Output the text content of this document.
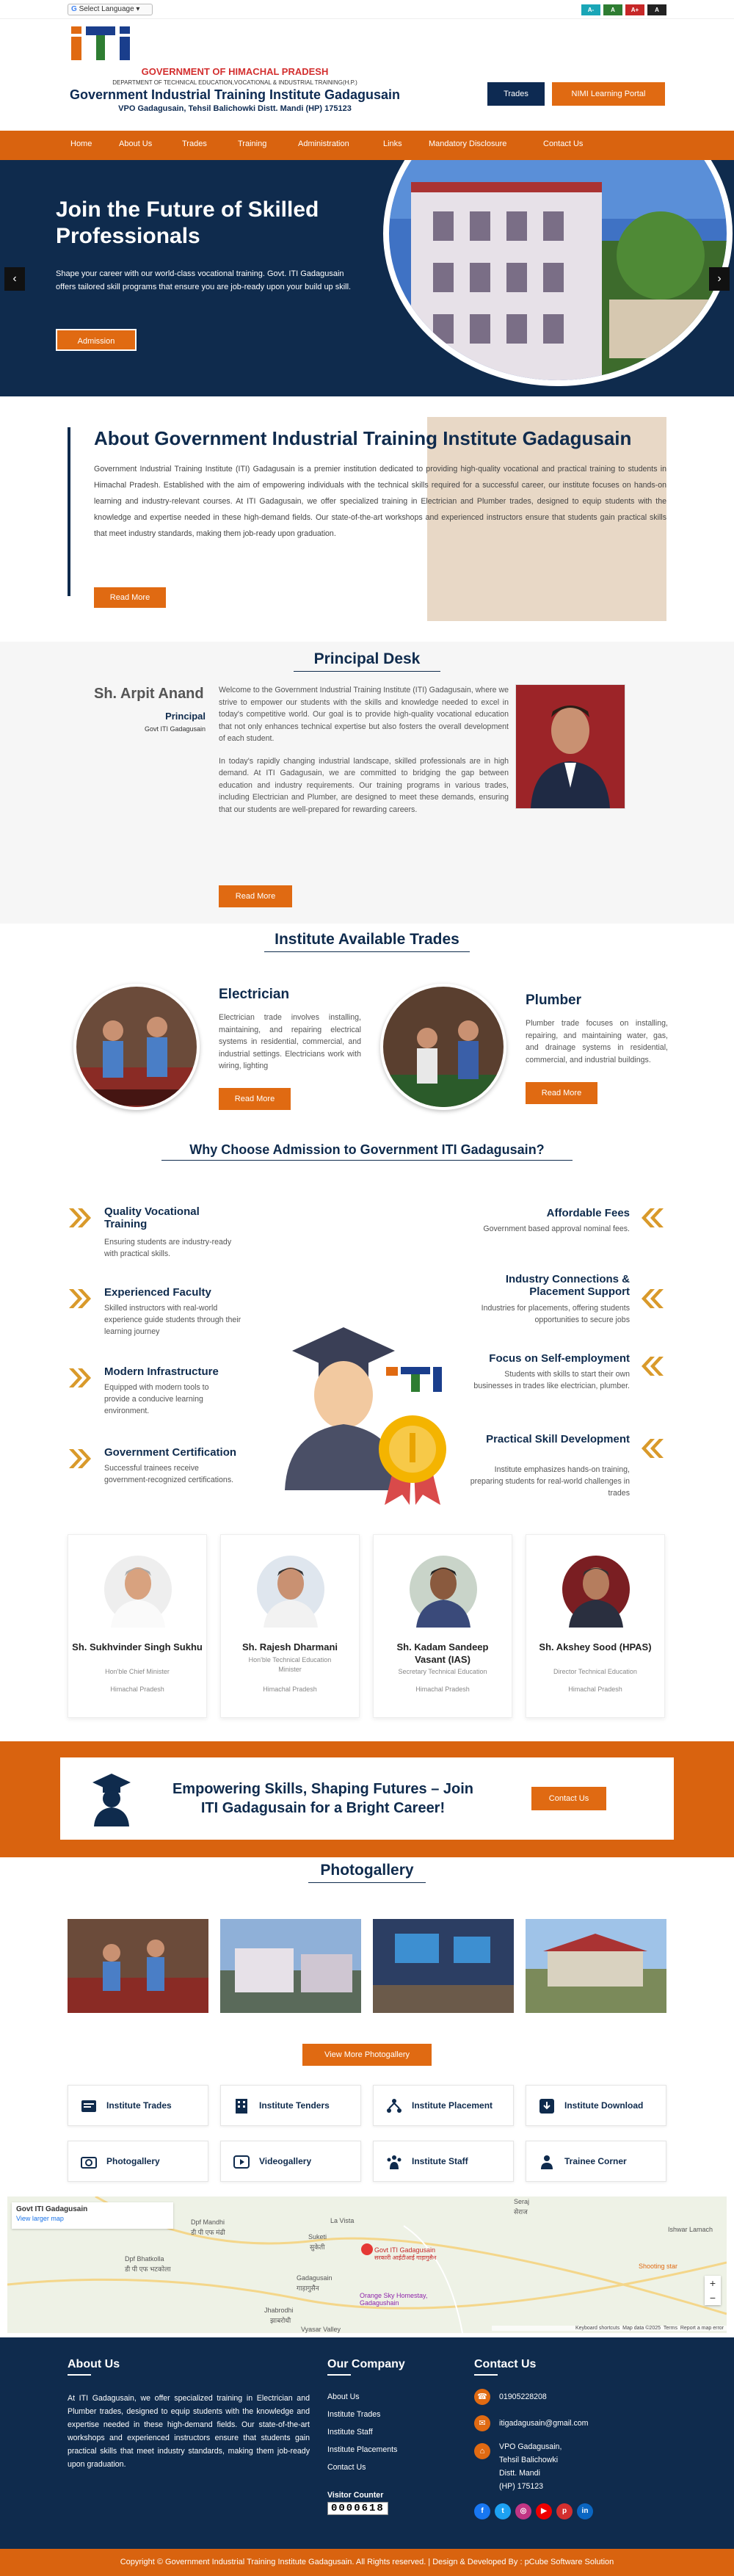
G Select Language ▾	A-	A	A+	A
GOVERNMENT OF HIMACHAL PRADESH
DEPARTMENT OF TECHNICAL EDUCATION,VOCATIONAL & INDUSTRIAL TRAINING(H.P.)
Government Industrial Training Institute Gadagusain
VPO Gadagusain, Tehsil Balichowki Distt. Mandi (HP) 175123
Trades	NIMI Learning Portal
Home	About Us	Trades	Training	Administration	Links	Mandatory Disclosure	Contact Us
Join the Future of Skilled Professionals
Shape your career with our world-class vocational training. Govt. ITI Gadagusain offers tailored skill programs that ensure you are job-ready upon your build up skill.
Admission
‹	›
About Government Industrial Training Institute Gadagusain
Government Industrial Training Institute (ITI) Gadagusain is a premier institution dedicated to providing high-quality vocational and practical training to students in Himachal Pradesh. Established with the aim of empowering individuals with the technical skills required for a successful career, our institute focuses on hands-on learning and industry-relevant courses. At ITI Gadagusain, we offer specialized training in Electrician and Plumber trades, designed to equip students with the knowledge and expertise needed in these high-demand fields. Our state-of-the-art workshops and experienced instructors ensure that students gain practical skills that meet industry standards, making them job-ready upon graduation.
Read More
Principal Desk
Sh. Arpit Anand
Principal
Govt ITI Gadagusain

Welcome to the Government Industrial Training Institute (ITI) Gadagusain, where we strive to empower our students with the skills and knowledge needed to excel in today's competitive world. Our goal is to provide high-quality vocational education that not only enhances technical expertise but also fosters the overall development of each student.

In today's rapidly changing industrial landscape, skilled professionals are in high demand. At ITI Gadagusain, we are committed to bridging the gap between education and industry requirements. Our training programs in various trades, including Electrician and Plumber, are designed to meet these demands, ensuring that our students are well-prepared for rewarding careers.

Read More
Institute Available Trades
Electrician
Electrician trade involves installing, maintaining, and repairing electrical systems in residential, commercial, and industrial settings. Electricians work with wiring, lighting
Read More
Plumber
Plumber trade focuses on installing, repairing, and maintaining water, gas, and drainage systems in residential, commercial, and industrial buildings.
Read More
Why Choose Admission to Government ITI Gadagusain?
Quality Vocational Training
Ensuring students are industry-ready with practical skills.
Experienced Faculty
Skilled instructors with real-world experience guide students through their learning journey
Modern Infrastructure
Equipped with modern tools to provide a conducive learning environment.
Government Certification
Successful trainees receive government-recognized certifications.
Affordable Fees
Government based approval nominal fees.
Industry Connections & Placement Support
Industries for placements, offering students opportunities to secure jobs
Focus on Self-employment
Students with skills to start their own businesses in trades like electrician, plumber.
Practical Skill Development
Institute emphasizes hands-on training, preparing students for real-world challenges in trades
Sh. Sukhvinder Singh Sukhu
Hon'ble Chief Minister
Himachal Pradesh
Sh. Rajesh Dharmani
Hon'ble Technical Education Minister
Himachal Pradesh
Sh. Kadam Sandeep Vasant (IAS)
Secretary Technical Education
Himachal Pradesh
Sh. Akshey Sood (HPAS)
Director Technical Education
Himachal Pradesh
Empowering Skills, Shaping Futures – Join ITI Gadagusain for a Bright Career!
Contact Us
Photogallery
View More Photogallery
Institute Trades	Institute Tenders	Institute Placement	Institute Download
Photogallery	Videogallery	Institute Staff	Trainee Corner
Govt ITI Gadagusain
View larger map	Dpf Mandhi
डी पी एफ मंढी
Dpf Bhatkolla
डी पी एफ भटकोला
Suketi
सुकेती
Gadagusain
गाड़ागुसैन
Jhabrodhi
झाबरोधी
Seraj
सेराज
Shooting star
Govt ITI Gadagusain
सरकारी आईटीआई गाड़ागुसैन
Orange Sky Homestay, Gadagushain
La Vista
Vyasar Valley
Ishwar Lamach
+
−
Keyboard shortcuts Map data ©2025 Terms Report a map error
About Us
At ITI Gadagusain, we offer specialized training in Electrician and Plumber trades, designed to equip students with the knowledge and expertise needed in these high-demand fields. Our state-of-the-art workshops and experienced instructors ensure that students gain practical skills that meet industry standards, making them job-ready upon graduation.
Our Company
About Us
Institute Trades
Institute Staff
Institute Placements
Contact Us
Visitor Counter
0000618
Contact Us
☎	01905228208
✉	itigadagusain@gmail.com
⌂	VPO Gadagusain,
Tehsil Balichowki
Distt. Mandi
(HP) 175123
f	t	◎	▶	p	in
Copyright © Government Industrial Training Institute Gadagusain. All Rights reserved. | Design & Developed By : pCube Software Solution
